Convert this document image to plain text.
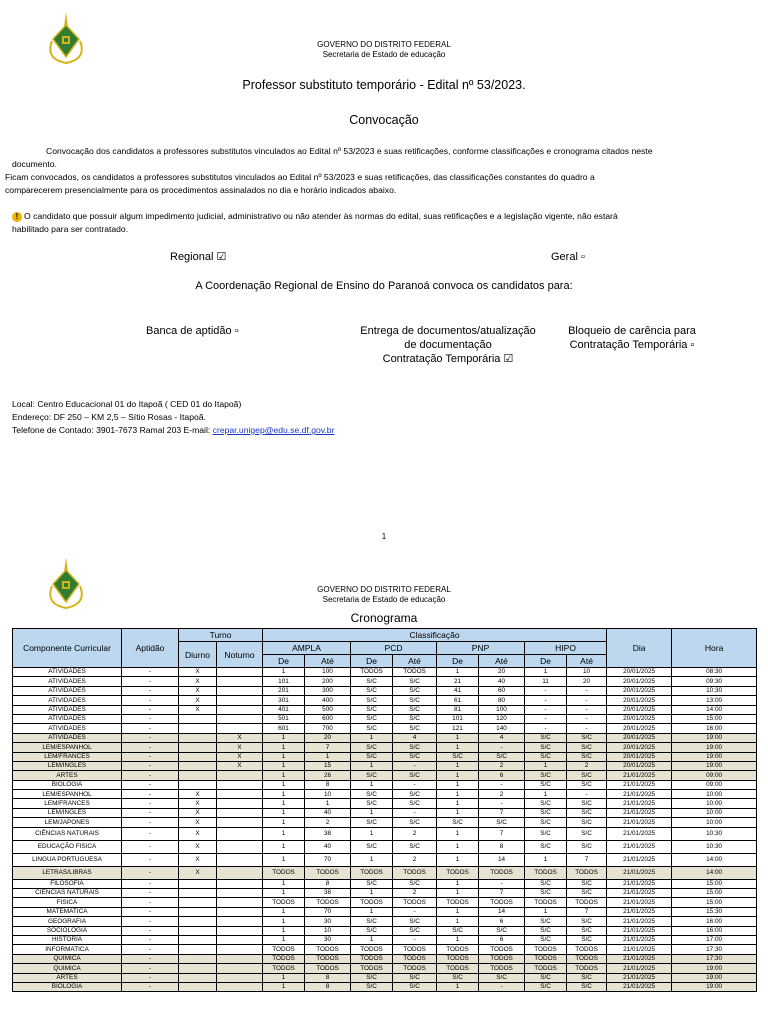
GOVERNO DO DISTRITO FEDERAL
Secretaria de Estado de educação
Professor substituto temporário - Edital nº 53/2023.
Convocação
Convocação dos candidatos a professores substitutos vinculados ao Edital nº 53/2023 e suas retificações, conforme classificações e cronograma citados neste
documento.
Ficam convocados, os candidatos a professores substitutos vinculados ao Edital nº 53/2023 e suas retificações, das classificações constantes do quadro a
comparecerem presencialmente para os procedimentos assinalados no dia e horário indicados abaixo.
! O candidato que possuir algum impedimento judicial, administrativo ou não atender às normas do edital, suas retificações e a legislação vigente, não estará
habilitado para ser contratado.
Regional ☑	Geral ▫
A Coordenação Regional de Ensino do Paranoá convoca os candidatos para:
Banca de aptidão ▫	Entrega de documentos/atualização
de documentação
Contratação Temporária ☑
Bloqueio de carência para
Contratação Temporária ▫
Local: Centro Educacional 01 do Itapoã ( CED 01 do Itapoã)
Endereço: DF 250 – KM 2,5 – Sítio Rosas - Itapoã.
Telefone de Contado: 3901-7673 Ramal 203 E-mail: crepar.unigep@edu.se.df.gov.br
1
GOVERNO DO DISTRITO FEDERAL
Secretaria de Estado de educação
Cronograma
Componente Curricular	Aptidão	Turno		Classificação								Dia	Hora
		Diurno	Noturno	AMPLA		PCD		PNP		HIPO			
				De	Até	De	Até	De	Até	De	Até		
ATIVIDADES	-	X		1	100	TODOS	TODOS	1	20	1	10	20/01/2025	08:30
ATIVIDADES	-	X		101	200	S/C	S/C	21	40	11	20	20/01/2025	09:30
ATIVIDADES	-	X		201	300	S/C	S/C	41	60	-	-	20/01/2025	10:30
ATIVIDADES	-	X		301	400	S/C	S/C	61	80	-	-	20/01/2025	13:00
ATIVIDADES	-	X		401	500	S/C	S/C	81	100	-	-	20/01/2025	14:00
ATIVIDADES	-			501	600	S/C	S/C	101	120	-	-	20/01/2025	15:00
ATIVIDADES	-			601	700	S/C	S/C	121	140	-	-	20/01/2025	16:00
ATIVIDADES	-		X	1	20	1	4	1	4	S/C	S/C	20/01/2025	19:00
LEM/ESPANHOL	-		X	1	7	S/C	S/C	1	-	S/C	S/C	20/01/2025	19:00
LEM/FRANCES	-		X	1	1	S/C	S/C	S/C	S/C	S/C	S/C	20/01/2025	19:00
LEM/INGLES	-		X	1	15	1	-	1	2	1	2	20/01/2025	19:00
ARTES	-			1	26	S/C	S/C	1	6	S/C	S/C	21/01/2025	09:00
BIOLOGIA	-			1	8	1	-	1	-	S/C	S/C	21/01/2025	09:00
LEM/ESPANHOL	-	X		1	10	S/C	S/C	1	2	1	-	21/01/2025	10:00
LEM/FRANCES	-	X		1	1	S/C	S/C	1	-	S/C	S/C	21/01/2025	10:00
LEM/INGLES	-	X		1	40	1	-	1	7	S/C	S/C	21/01/2025	10:00
LEM/JAPONES	-	X		1	2	S/C	S/C	S/C	S/C	S/C	S/C	21/01/2025	10:00
CIÊNCIAS NATURAIS	-	X		1	38	1	2	1	7	S/C	S/C	21/01/2025	10:30
EDUCAÇÃO FISICA	-	X		1	40	S/C	S/C	1	8	S/C	S/C	21/01/2025	10:30
LINGUA PORTUGUESA	-	X		1	70	1	2	1	14	1	7	21/01/2025	14:00
LETRAS/LIBRAS	-	X		TODOS	TODOS	TODOS	TODOS	TODOS	TODOS	TODOS	TODOS	21/01/2025	14:00
FILOSOFIA	-			1	8	S/C	S/C	1	-	S/C	S/C	21/01/2025	15:00
CIENCIAS NATURAIS	-			1	38	1	2	1	7	S/C	S/C	21/01/2025	15:00
FISICA	-			TODOS	TODOS	TODOS	TODOS	TODOS	TODOS	TODOS	TODOS	21/01/2025	15:00
MATEMATICA	-			1	70	1	-	1	14	1	7	21/01/2025	15:30
GEOGRAFIA	-			1	30	S/C	S/C	1	6	S/C	S/C	21/01/2025	16:00
SOCIOLOGIA	-			1	10	S/C	S/C	S/C	S/C	S/C	S/C	21/01/2025	16:00
HISTORIA	-			1	30	1	-	1	6	S/C	S/C	21/01/2025	17:00
INFORMATICA	-			TODOS	TODOS	TODOS	TODOS	TODOS	TODOS	TODOS	TODOS	21/01/2025	17:30
QUIMICA	-			TODOS	TODOS	TODOS	TODOS	TODOS	TODOS	TODOS	TODOS	21/01/2025	17:30
QUIMICA	-			TODOS	TODOS	TODOS	TODOS	TODOS	TODOS	TODOS	TODOS	21/01/2025	19:00
ARTES	-			1	8	S/C	S/C	S/C	S/C	S/C	S/C	21/01/2025	19:00
BIOLOGIA	-			1	8	S/C	S/C	1	-	S/C	S/C	21/01/2025	19:00
